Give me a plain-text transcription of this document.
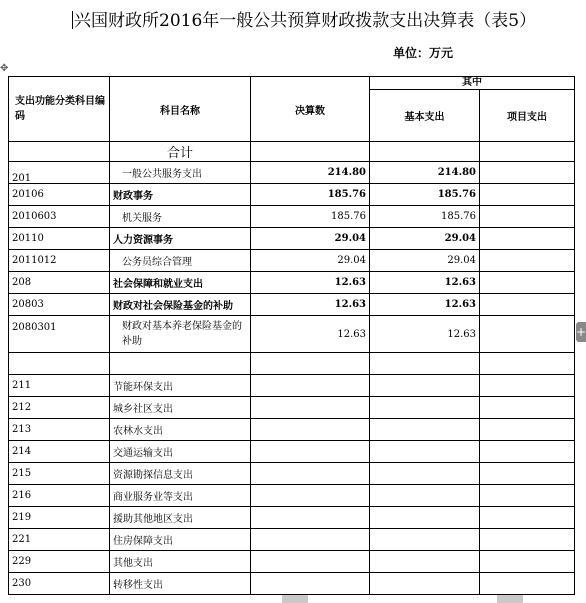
兴国财政所2016年一般公共预算财政拨款支出决算表（表5）
单位：万元
✥
+
支出功能分类科目编码	科目名称	决算数	其中	

			基本支出	项目支出
	合计			
201	一般公共服务支出	214.80	214.80	
20106	财政事务	185.76	185.76	
2010603	机关服务	185.76	185.76	
20110	人力资源事务	29.04	29.04	
2011012	公务员综合管理	29.04	29.04	
208	社会保障和就业支出	12.63	12.63	
20803	财政对社会保险基金的补助	12.63	12.63	
2080301	财政对基本养老保险基金的补助	12.63	12.63	

211	节能环保支出			
212	城乡社区支出			
213	农林水支出			
214	交通运输支出			
215	资源勘探信息支出			
216	商业服务业等支出			
219	援助其他地区支出			
221	住房保障支出			
229	其他支出			
230	转移性支出			
